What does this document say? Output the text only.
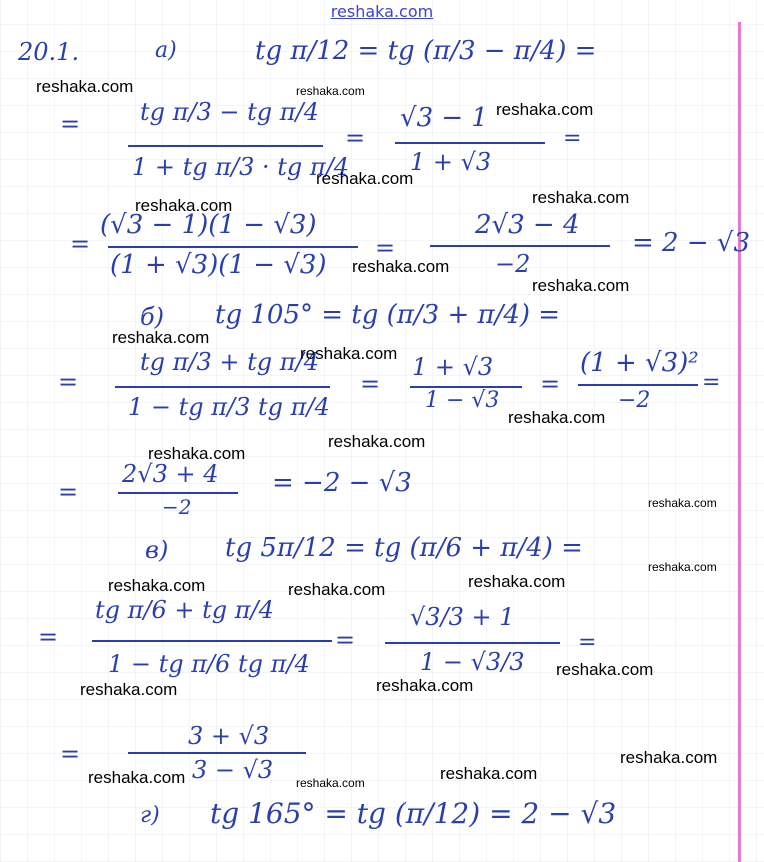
reshaka.com
20.1.	а)	tg π/12 = tg (π/3 − π/4) =
= tg π/3 − tg π/4
1 + tg π/3 · tg π/4
=
√3 − 1
1 + √3
=
=
(√3 − 1)(1 − √3)
(1 + √3)(1 − √3)
=
2√3 − 4
−2
= 2 − √3
б) tg 105° = tg (π/3 + π/4) =
=
tg π/3 + tg π/4
1 − tg π/3 tg π/4
=
1 + √3
1 − √3
=
(1 + √3)²
−2
=
=
2√3 + 4
−2
= −2 − √3
в) tg 5π/12 = tg (π/6 + π/4) =
=
tg π/6 + tg π/4
1 − tg π/6 tg π/4
=
√3/3 + 1
1 − √3/3
=
=
3 + √3
3 − √3
г) tg 165° = tg (π/12) = 2 − √3
reshaka.com	reshaka.com
reshaka.com
reshaka.com
reshaka.com
reshaka.com
reshaka.com
reshaka.com
reshaka.com
reshaka.com
reshaka.com
reshaka.com
reshaka.com
reshaka.com
reshaka.com
reshaka.com
reshaka.com	reshaka.com
reshaka.com
reshaka.com
reshaka.com
reshaka.com
reshaka.com
reshaka.com	reshaka.com
